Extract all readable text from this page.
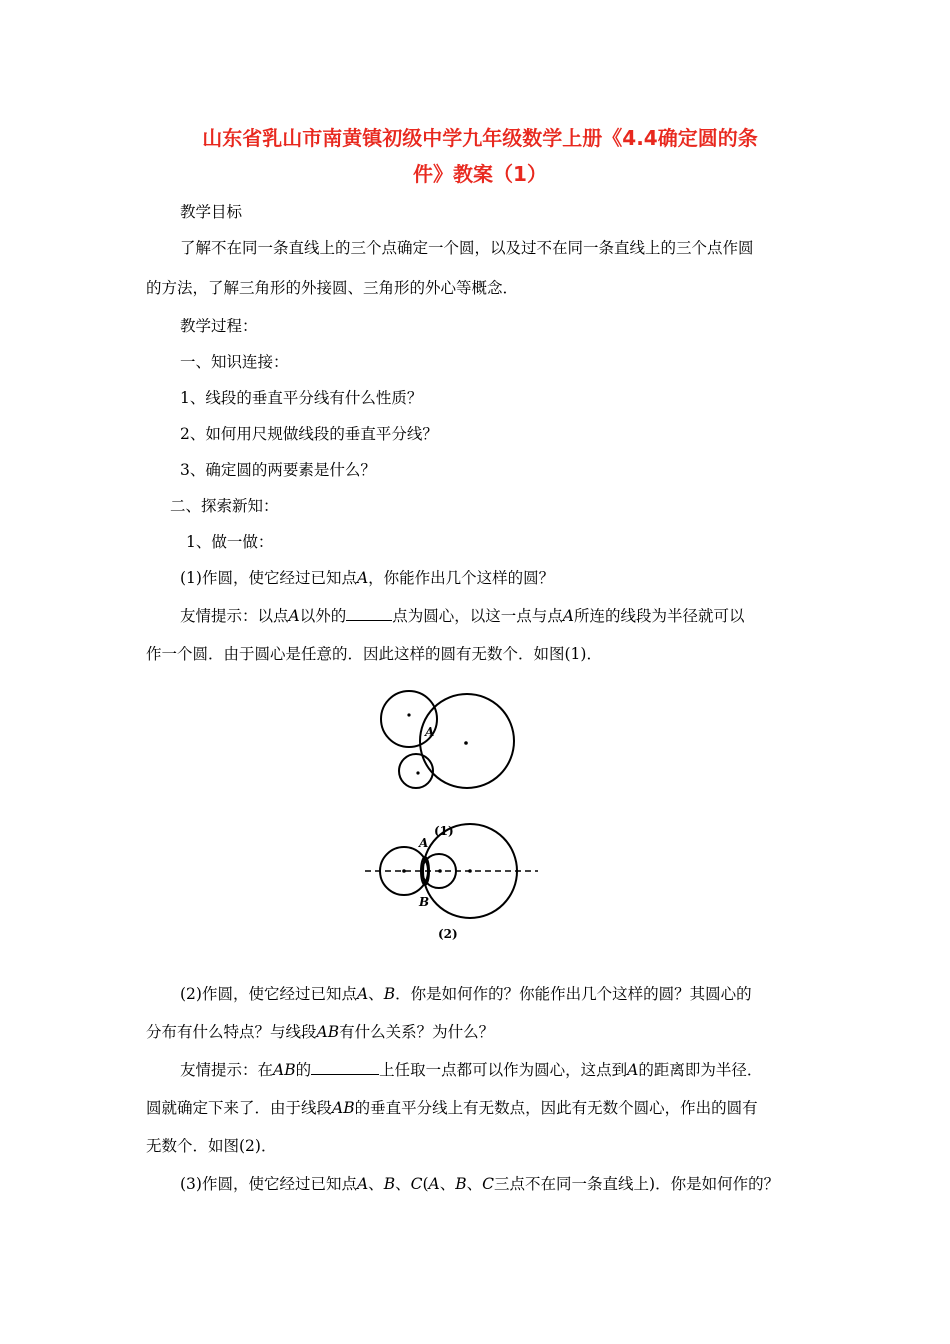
山东省乳山市南黄镇初级中学九年级数学上册《4.4确定圆的条
件》教案（1）
教学目标
了解不在同一条直线上的三个点确定一个圆，以及过不在同一条直线上的三个点作圆
的方法，了解三角形的外接圆、三角形的外心等概念．
教学过程：
一、知识连接：
1、线段的垂直平分线有什么性质？
2、如何用尺规做线段的垂直平分线？
3、确定圆的两要素是什么？
二、探索新知：
1、做一做：
(1)作圆，使它经过已知点A，你能作出几个这样的圆？
友情提示：以点A以外的	点为圆心，以这一点与点A所连的线段为半径就可以
作一个圆．由于圆心是任意的．因此这样的圆有无数个．如图(1)．
A
(1)
A
B
(2)
(2)作圆，使它经过已知点A、B．你是如何作的？你能作出几个这样的圆？其圆心的
分布有什么特点？与线段AB有什么关系？为什么？
友情提示：在AB的	上任取一点都可以作为圆心，这点到A的距离即为半径．
圆就确定下来了．由于线段AB的垂直平分线上有无数点，因此有无数个圆心，作出的圆有
无数个．如图(2)．
(3)作圆，使它经过已知点A、B、C(A、B、C三点不在同一条直线上)．你是如何作的？
